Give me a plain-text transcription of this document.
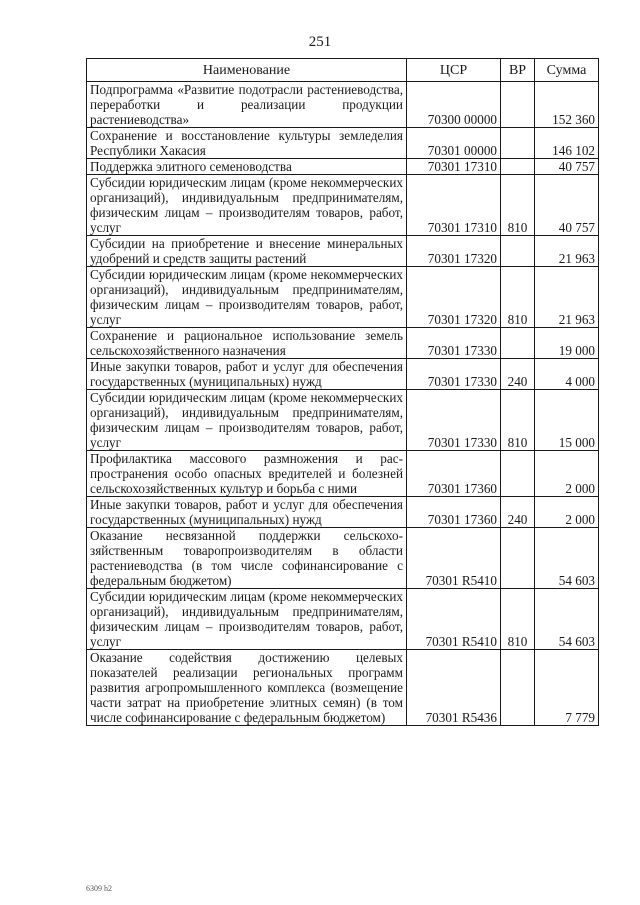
251
Наименование	ЦСР	ВР	Сумма
Подпрограмма «Развитие подотрасли растениеводства, переработки и реализации продукции растениеводства»	70300 00000		152 360
Сохранение и восстановление культуры земледелия Республики Хакасия	70301 00000		146 102
Поддержка элитного семеноводства	70301 17310		40 757
Субсидии юридическим лицам (кроме некоммерческих организаций), индивидуальным предпринимателям, физическим лицам – производителям товаров, работ, услуг	70301 17310	810	40 757
Субсидии на приобретение и внесение минеральных удобрений и средств защиты растений	70301 17320		21 963
Субсидии юридическим лицам (кроме некоммерческих организаций), индивидуальным предпринимателям, физическим лицам – производителям товаров, работ, услуг	70301 17320	810	21 963
Сохранение и рациональное использование земель сельскохозяйственного назначения	70301 17330		19 000
Иные закупки товаров, работ и услуг для обеспечения государственных (муниципальных) нужд	70301 17330	240	4 000
Субсидии юридическим лицам (кроме некоммерческих организаций), индивидуальным предпринимателям, физическим лицам – производителям товаров, работ, услуг	70301 17330	810	15 000
Профилактика массового размножения и распространения особо опасных вредителей и болезней сельскохозяйственных культур и борьба с ними	70301 17360		2 000
Иные закупки товаров, работ и услуг для обеспечения государственных (муниципальных) нужд	70301 17360	240	2 000
Оказание несвязанной поддержки сельскохозяйственным товаропроизводителям в области растениеводства (в том числе софинансирование с федеральным бюджетом)	70301 R5410		54 603
Субсидии юридическим лицам (кроме некоммерческих организаций), индивидуальным предпринимателям, физическим лицам – производителям товаров, работ, услуг	70301 R5410	810	54 603
Оказание содействия достижению целевых показателей реализации региональных программ развития агропромышленного комплекса (возмещение части затрат на приобретение элитных семян) (в том числе софинансирование с федеральным бюджетом)	70301 R5436		7 779
6309 h2
